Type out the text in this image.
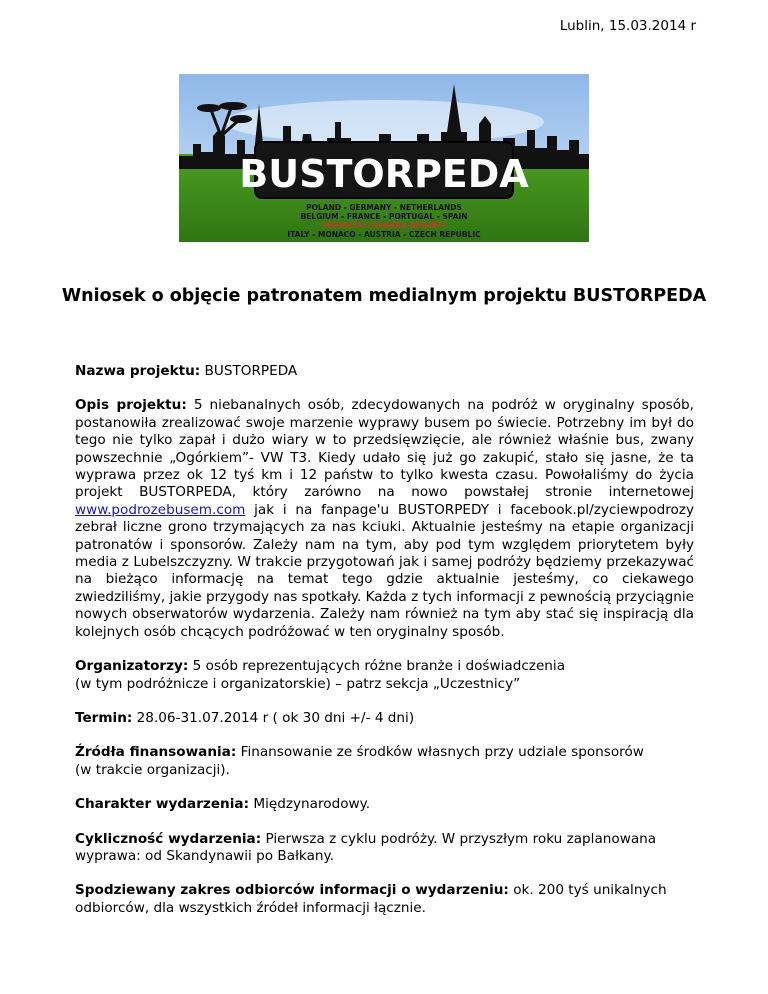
Lublin, 15.03.2014 r
BUSTORPEDA
POLAND - GERMANY - NETHERLANDS
BELGIUM - FRANCE - PORTUGAL - SPAIN
MOROCCO (SAHARA DESERT)
ITALY - MONACO - AUSTRIA - CZECH REPUBLIC
Wniosek o objęcie patronatem medialnym projektu BUSTORPEDA

Nazwa projektu: BUSTORPEDA

Opis projektu: 5 niebanalnych osób, zdecydowanych na podróż w oryginalny sposób, postanowiła zrealizować swoje marzenie wyprawy busem po świecie. Potrzebny im był do tego nie tylko zapał i dużo wiary w to przedsięwzięcie, ale również właśnie bus, zwany powszechnie „Ogórkiem”- VW T3. Kiedy udało się już go zakupić, stało się jasne, że ta wyprawa przez ok 12 tyś km i 12 państw to tylko kwesta czasu. Powołaliśmy do życia projekt BUSTORPEDA, który zarówno na nowo powstałej stronie internetowej www.podrozebusem.com jak i na fanpage'u BUSTORPEDY i facebook.pl/zyciewpodrozy zebrał liczne grono trzymających za nas kciuki. Aktualnie jesteśmy na etapie organizacji patronatów i sponsorów. Zależy nam na tym, aby pod tym względem priorytetem były media z Lubelszczyzny. W trakcie przygotowań jak i samej podróży będziemy przekazywać na bieżąco informację na temat tego gdzie aktualnie jesteśmy, co ciekawego zwiedziliśmy, jakie przygody nas spotkały. Każda z tych informacji z pewnością przyciągnie nowych obserwatorów wydarzenia. Zależy nam również na tym aby stać się inspiracją dla kolejnych osób chcących podróżować w ten oryginalny sposób.

Organizatorzy: 5 osób reprezentujących różne branże i doświadczenia
(w tym podróżnicze i organizatorskie) – patrz sekcja „Uczestnicy”

Termin: 28.06-31.07.2014 r ( ok 30 dni +/- 4 dni)

Źródła finansowania: Finansowanie ze środków własnych przy udziale sponsorów
(w trakcie organizacji).

Charakter wydarzenia: Międzynarodowy.

Cykliczność wydarzenia: Pierwsza z cyklu podróży. W przyszłym roku zaplanowana
wyprawa: od Skandynawii po Bałkany.

Spodziewany zakres odbiorców informacji o wydarzeniu: ok. 200 tyś unikalnych
odbiorców, dla wszystkich źródeł informacji łącznie.
